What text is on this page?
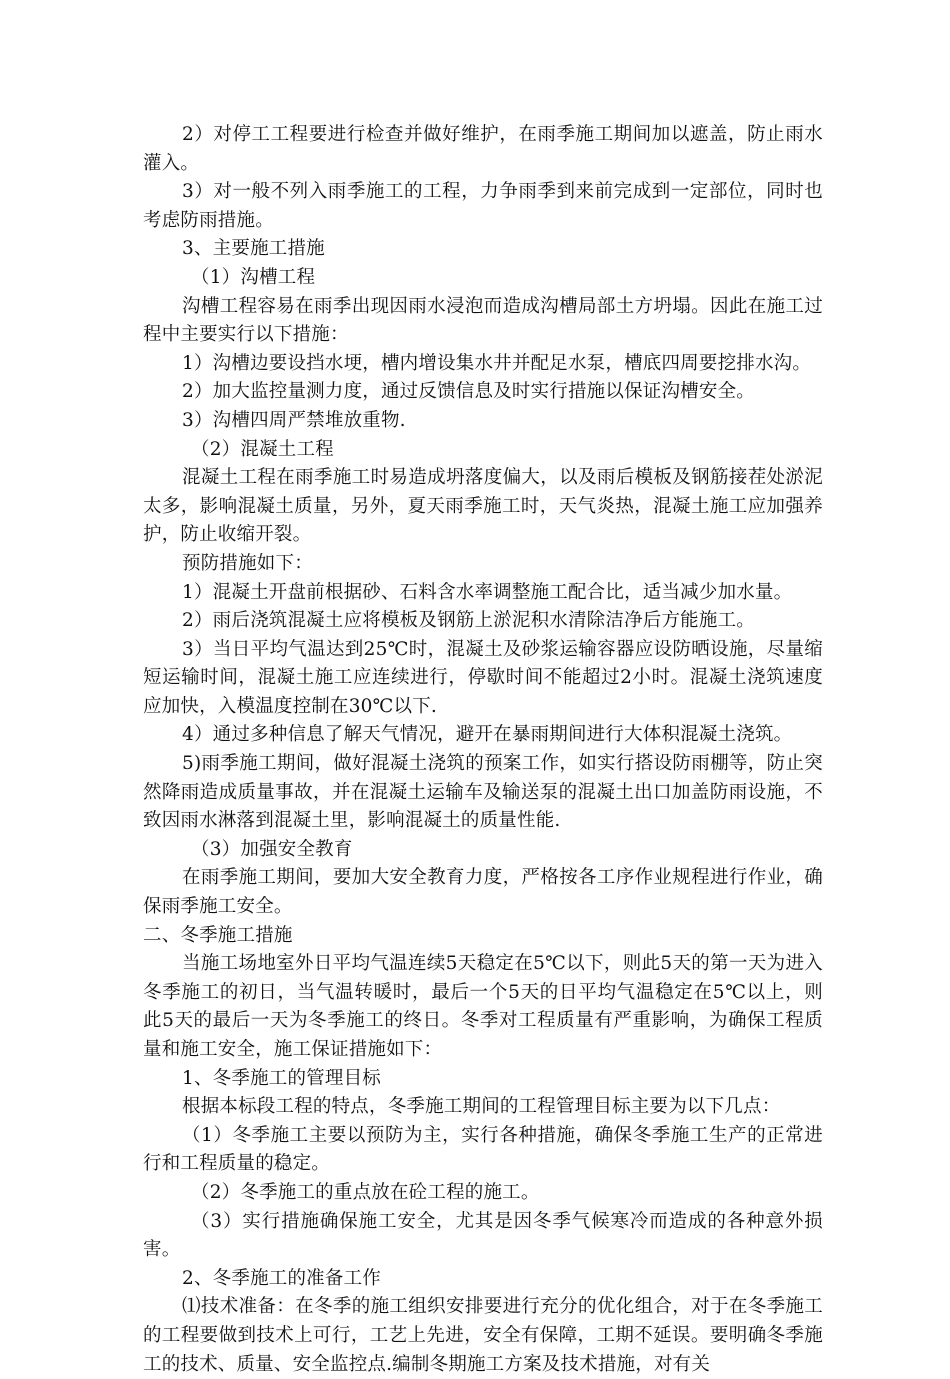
2）对停工工程要进行检查并做好维护，在雨季施工期间加以遮盖，防止雨水灌入。

3）对一般不列入雨季施工的工程，力争雨季到来前完成到一定部位，同时也考虑防雨措施。

3、主要施工措施

（1）沟槽工程

沟槽工程容易在雨季出现因雨水浸泡而造成沟槽局部土方坍塌。因此在施工过程中主要实行以下措施：

1）沟槽边要设挡水埂，槽内增设集水井并配足水泵，槽底四周要挖排水沟。

2）加大监控量测力度，通过反馈信息及时实行措施以保证沟槽安全。

3）沟槽四周严禁堆放重物.

（2）混凝土工程

混凝土工程在雨季施工时易造成坍落度偏大，以及雨后模板及钢筋接茬处淤泥太多，影响混凝土质量，另外，夏天雨季施工时，天气炎热，混凝土施工应加强养护，防止收缩开裂。

预防措施如下：

1）混凝土开盘前根据砂、石料含水率调整施工配合比，适当减少加水量。

2）雨后浇筑混凝土应将模板及钢筋上淤泥积水清除洁净后方能施工。

3）当日平均气温达到25℃时，混凝土及砂浆运输容器应设防晒设施，尽量缩短运输时间，混凝土施工应连续进行，停歇时间不能超过2小时。混凝土浇筑速度应加快，入模温度控制在30℃以下.

4）通过多种信息了解天气情况，避开在暴雨期间进行大体积混凝土浇筑。

5)雨季施工期间，做好混凝土浇筑的预案工作，如实行搭设防雨棚等，防止突然降雨造成质量事故，并在混凝土运输车及输送泵的混凝土出口加盖防雨设施，不致因雨水淋落到混凝土里，影响混凝土的质量性能.

（3）加强安全教育

在雨季施工期间，要加大安全教育力度，严格按各工序作业规程进行作业，确保雨季施工安全。

二、冬季施工措施

当施工场地室外日平均气温连续5天稳定在5℃以下，则此5天的第一天为进入冬季施工的初日，当气温转暖时，最后一个5天的日平均气温稳定在5℃以上，则此5天的最后一天为冬季施工的终日。冬季对工程质量有严重影响，为确保工程质量和施工安全，施工保证措施如下：

1、冬季施工的管理目标

根据本标段工程的特点，冬季施工期间的工程管理目标主要为以下几点：

（1）冬季施工主要以预防为主，实行各种措施，确保冬季施工生产的正常进行和工程质量的稳定。

（2）冬季施工的重点放在砼工程的施工。

（3）实行措施确保施工安全，尤其是因冬季气候寒冷而造成的各种意外损害。

2、冬季施工的准备工作

⑴技术准备：在冬季的施工组织安排要进行充分的优化组合，对于在冬季施工的工程要做到技术上可行，工艺上先进，安全有保障，工期不延误。要明确冬季施工的技术、质量、安全监控点.编制冬期施工方案及技术措施，对有关
